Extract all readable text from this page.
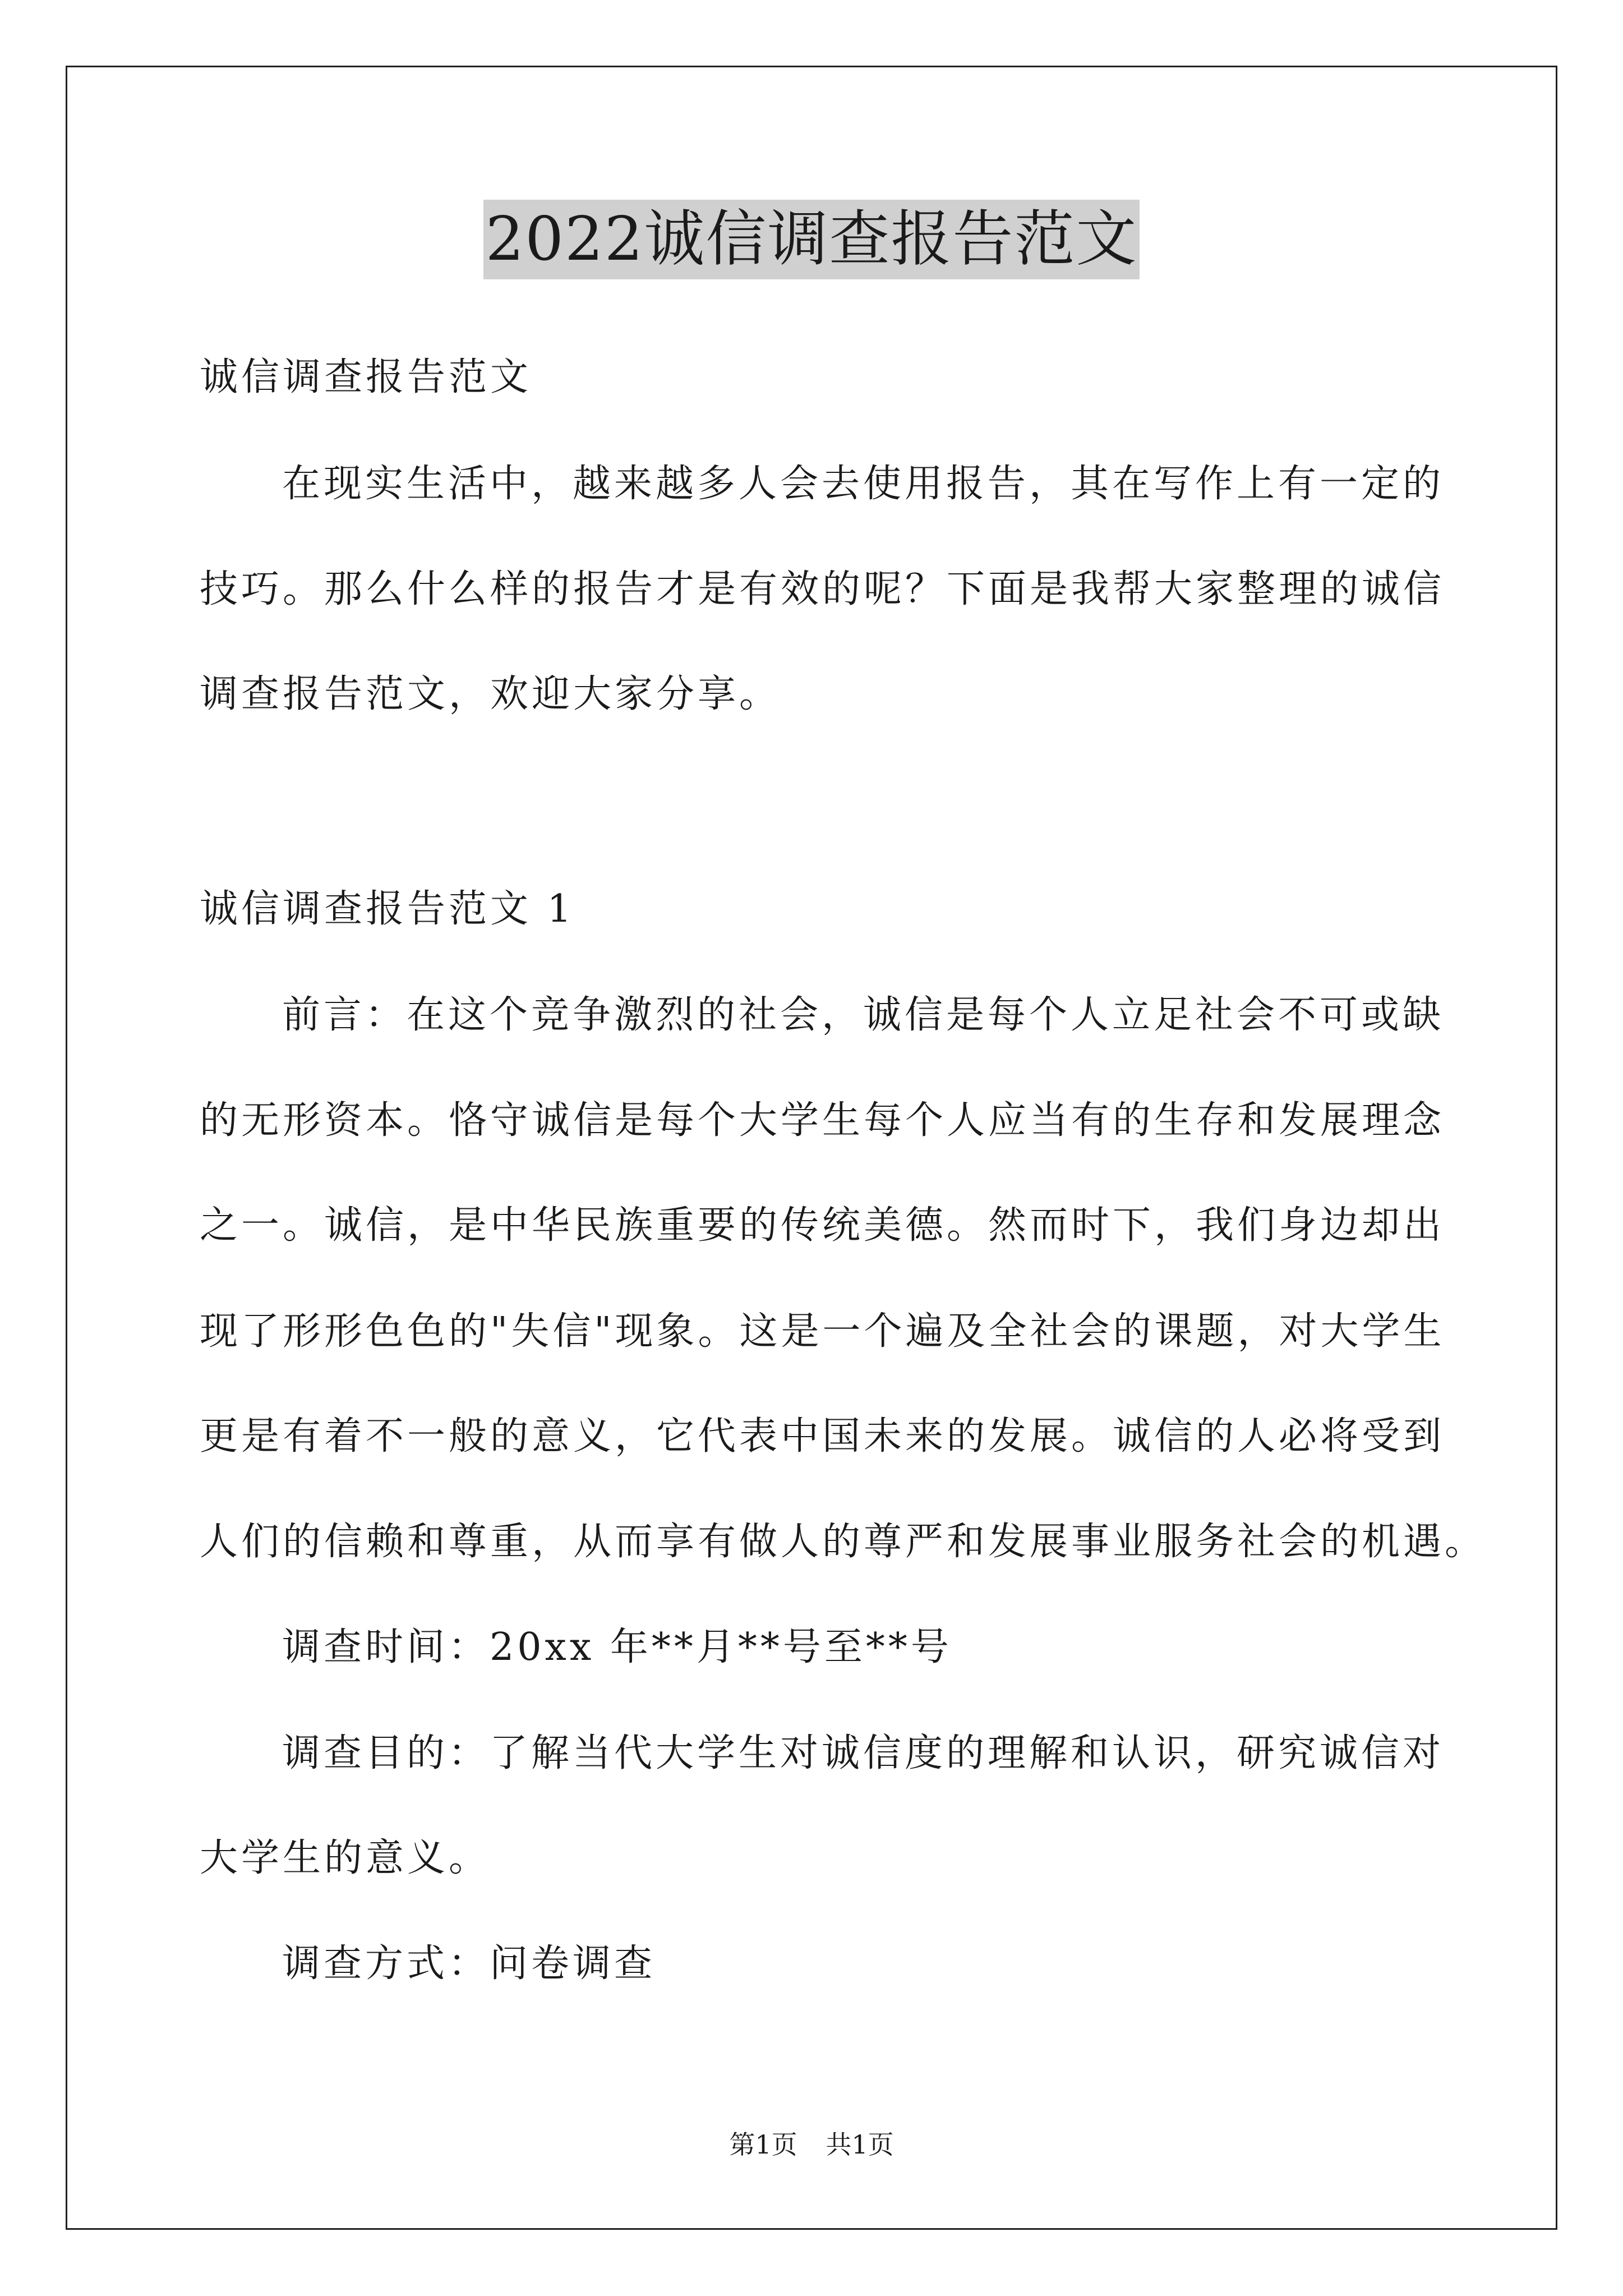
2022诚信调查报告范文
诚信调查报告范文
在现实生活中，越来越多人会去使用报告，其在写作上有一定的
技巧。那么什么样的报告才是有效的呢？下面是我帮大家整理的诚信
调查报告范文，欢迎大家分享。
诚信调查报告范文 1
前言：在这个竞争激烈的社会，诚信是每个人立足社会不可或缺
的无形资本。恪守诚信是每个大学生每个人应当有的生存和发展理念
之一。诚信，是中华民族重要的传统美德。然而时下，我们身边却出
现了形形色色的"失信"现象。这是一个遍及全社会的课题，对大学生
更是有着不一般的意义，它代表中国未来的发展。诚信的人必将受到
人们的信赖和尊重，从而享有做人的尊严和发展事业服务社会的机遇。
调查时间：20xx 年**月**号至**号
调查目的：了解当代大学生对诚信度的理解和认识，研究诚信对
大学生的意义。
调查方式：问卷调查
第1页 共1页
